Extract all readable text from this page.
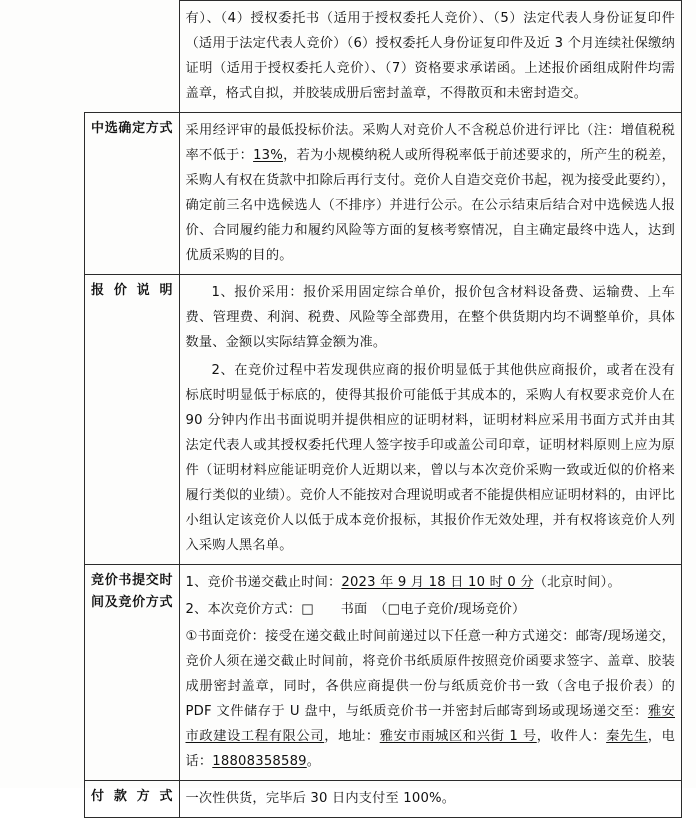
	有）、（4）授权委托书（适用于授权委托人竞价）、（5）法定代表人身份证复印件（适用于法定代表人竞价）（6）授权委托人身份证复印件及近 3 个月连续社保缴纳证明（适用于授权委托人竞价）、（7）资格要求承诺函。上述报价函组成附件均需盖章，格式自拟，并胶装成册后密封盖章，不得散页和未密封造交。

中选确定方式	采用经评审的最低投标价法。采购人对竞价人不含税总价进行评比（注：增值税税率不低于：13%，若为小规模纳税人或所得税率低于前述要求的，所产生的税差，采购人有权在货款中扣除后再行支付。竞价人自造交竞价书起，视为接受此要约），确定前三名中选候选人（不排序）并进行公示。在公示结束后结合对中选候选人报价、合同履约能力和履约风险等方面的复核考察情况，自主确定最终中选人，达到优质采购的目的。

报价说明	1、报价采用：报价采用固定综合单价，报价包含材料设备费、运输费、上车费、管理费、利润、税费、风险等全部费用，在整个供货期内均不调整单价，具体数量、金额以实际结算金额为准。

2、在竞价过程中若发现供应商的报价明显低于其他供应商报价，或者在没有标底时明显低于标底的，使得其报价可能低于其成本的，采购人有权要求竞价人在 90 分钟内作出书面说明并提供相应的证明材料，证明材料应采用书面方式并由其法定代表人或其授权委托代理人签字按手印或盖公司印章，证明材料原则上应为原件（证明材料应能证明竞价人近期以来，曾以与本次竞价采购一致或近似的价格来履行类似的业绩）。竞价人不能按对合理说明或者不能提供相应证明材料的，由评比小组认定该竞价人以低于成本竞价报标，其报价作无效处理，并有权将该竞价人列入采购人黑名单。

竞价书提交时间及竞价方式	1、竞价书递交截止时间：2023 年 9 月 18 日 10 时 0 分（北京时间）。

2、本次竞价方式：□　　书面　（□电子竞价/现场竞价）

①书面竞价：接受在递交截止时间前递过以下任意一种方式递交：邮寄/现场递交，竞价人须在递交截止时间前，将竞价书纸质原件按照竞价函要求签字、盖章、胶装成册密封盖章，同时，各供应商提供一份与纸质竞价书一致（含电子报价表）的 PDF 文件储存于 U 盘中，与纸质竞价书一并密封后邮寄到场或现场递交至：雅安市政建设工程有限公司，地址：雅安市雨城区和兴街 1 号，收件人：秦先生，电话：18808358589。

付款方式	一次性供货，完毕后 30 日内支付至 100%。
